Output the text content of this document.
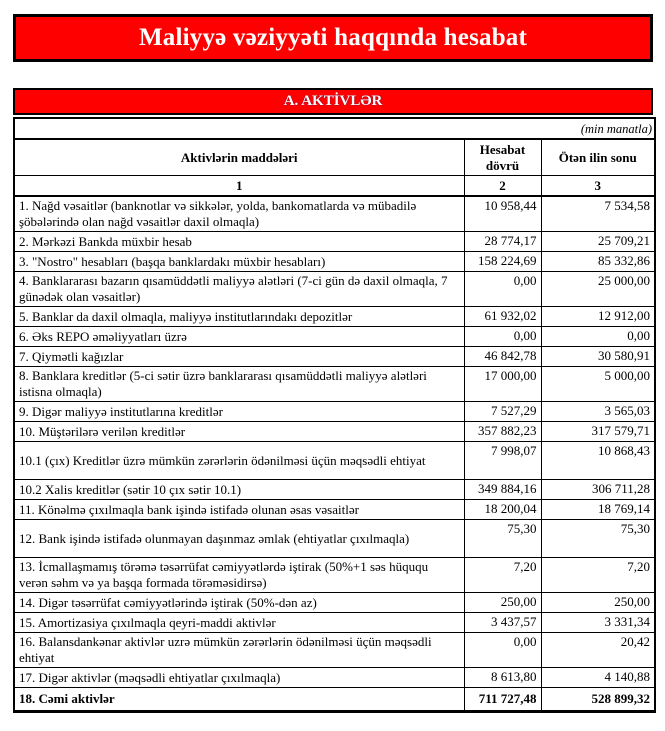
Maliyyə vəziyyəti haqqında hesabat
A. AKTİVLƏR
(min manatla)		
Aktivlərin maddələri	Hesabat dövrü	Ötən ilin sonu
1	2	3
1. Nağd vəsaitlər (banknotlar və sikkələr, yolda, bankomatlarda və mübadilə şöbələrində olan nağd vəsaitlər daxil olmaqla)	10 958,44	7 534,58
2. Mərkəzi Bankda müxbir hesab	28 774,17	25 709,21
3. "Nostro" hesabları (başqa banklardakı müxbir hesabları)	158 224,69	85 332,86
4. Banklararası bazarın qısamüddətli maliyyə alətləri (7-ci gün də daxil olmaqla, 7 günədək olan vəsaitlər)	0,00	25 000,00
5. Banklar da daxil olmaqla, maliyyə institutlarındakı depozitlər	61 932,02	12 912,00
6. Əks REPO əməliyyatları üzrə	0,00	0,00
7. Qiymətli kağızlar	46 842,78	30 580,91
8. Banklara kreditlər (5-ci sətir üzrə banklararası qısamüddətli maliyyə alətləri istisna olmaqla)	17 000,00	5 000,00
9. Digər maliyyə institutlarına kreditlər	7 527,29	3 565,03
10. Müştərilərə verilən kreditlər	357 882,23	317 579,71
10.1 (çıx) Kreditlər üzrə mümkün zərərlərin ödənilməsi üçün məqsədli ehtiyat	7 998,07	10 868,43
10.2 Xalis kreditlər (sətir 10 çıx sətir 10.1)	349 884,16	306 711,28
11. Könəlmə çıxılmaqla bank işində istifadə olunan əsas vəsaitlər	18 200,04	18 769,14
12. Bank işində istifadə olunmayan daşınmaz əmlak (ehtiyatlar çıxılmaqla)	75,30	75,30
13. İcmallaşmamış törəmə təsərrüfat cəmiyyətlərdə iştirak (50%+1 səs hüququ verən səhm və ya başqa formada törəməsidirsə)	7,20	7,20
14. Digər təsərrüfat cəmiyyətlərində iştirak (50%-dən az)	250,00	250,00
15. Amortizasiya çıxılmaqla qeyri-maddi aktivlər	3 437,57	3 331,34
16. Balansdankənar aktivlər uzrə mümkün zərərlərin ödənilməsi üçün məqsədli ehtiyat	0,00	20,42
17. Digər aktivlər (məqsədli ehtiyatlar çıxılmaqla)	8 613,80	4 140,88
18. Cəmi aktivlər	711 727,48	528 899,32
